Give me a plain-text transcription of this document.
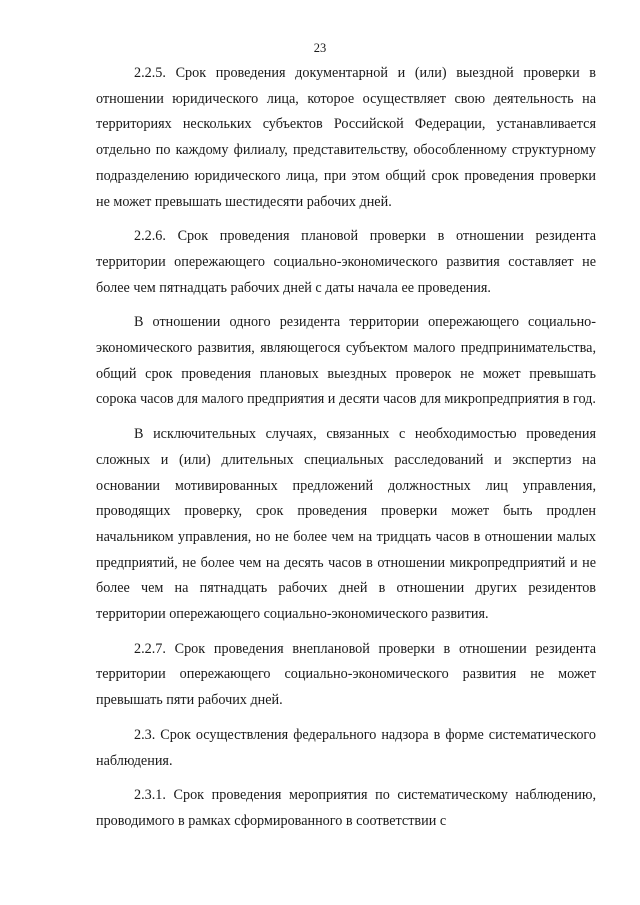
23

2.2.5. Срок проведения документарной и (или) выездной проверки в отношении юридического лица, которое осуществляет свою деятельность на территориях нескольких субъектов Российской Федерации, устанавливается отдельно по каждому филиалу, представительству, обособленному структурному подразделению юридического лица, при этом общий срок проведения проверки не может превышать шестидесяти рабочих дней.

2.2.6. Срок проведения плановой проверки в отношении резидента территории опережающего социально-экономического развития составляет не более чем пятнадцать рабочих дней с даты начала ее проведения.

В отношении одного резидента территории опережающего социально-экономического развития, являющегося субъектом малого предпринимательства, общий срок проведения плановых выездных проверок не может превышать сорока часов для малого предприятия и десяти часов для микропредприятия в год.

В исключительных случаях, связанных с необходимостью проведения сложных и (или) длительных специальных расследований и экспертиз на основании мотивированных предложений должностных лиц управления, проводящих проверку, срок проведения проверки может быть продлен начальником управления, но не более чем на тридцать часов в отношении малых предприятий, не более чем на десять часов в отношении микропредприятий и не более чем на пятнадцать рабочих дней в отношении других резидентов территории опережающего социально-экономического развития.

2.2.7. Срок проведения внеплановой проверки в отношении резидента территории опережающего социально-экономического развития не может превышать пяти рабочих дней.

2.3. Срок осуществления федерального надзора в форме систематического наблюдения.

2.3.1. Срок проведения мероприятия по систематическому наблюдению, проводимого в рамках сформированного в соответствии с
